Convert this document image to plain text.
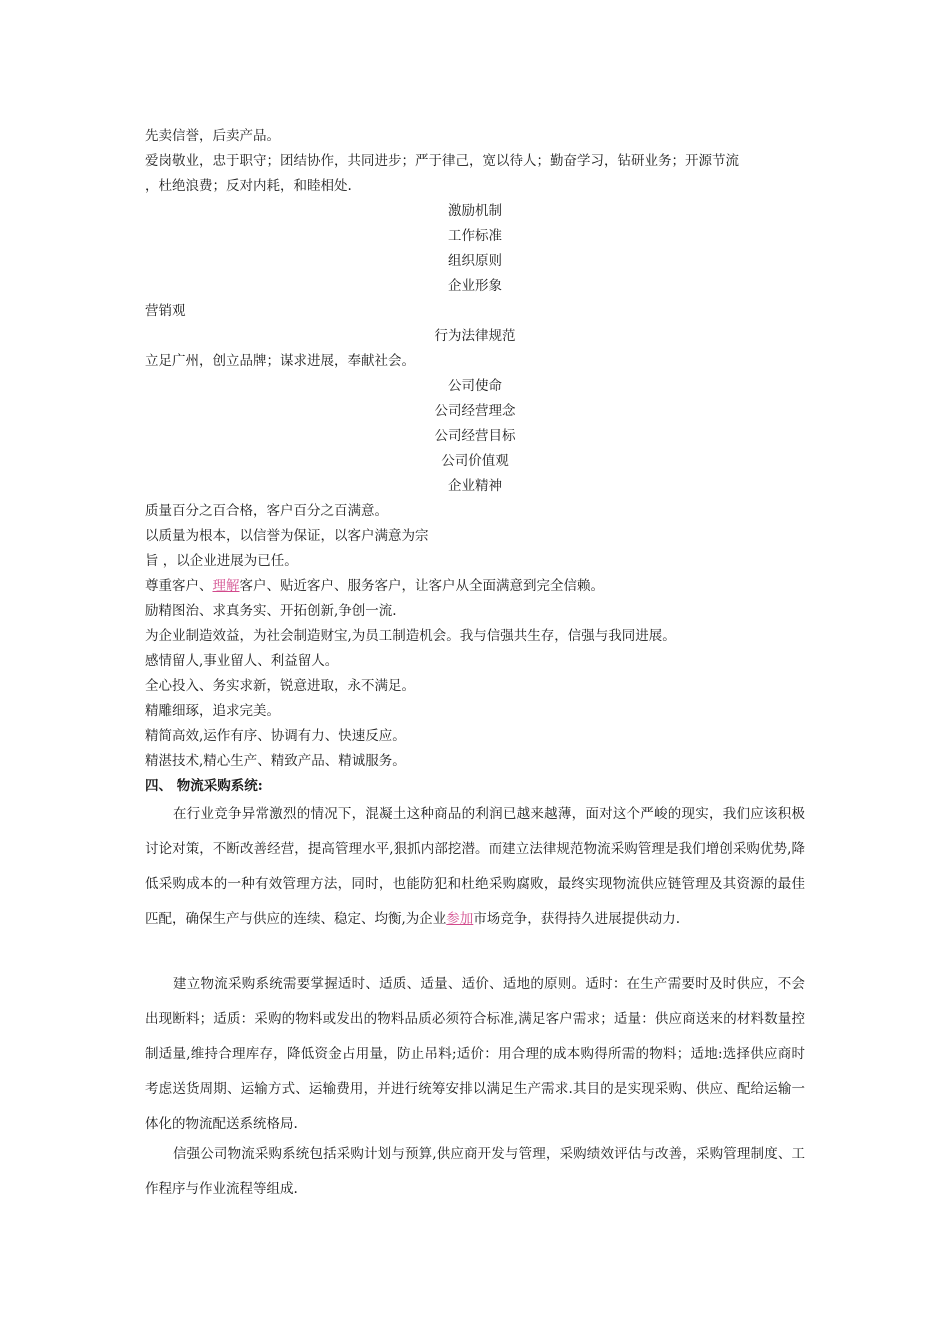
先卖信誉，后卖产品。
爱岗敬业，忠于职守；团结协作，共同进步；严于律己，宽以待人；勤奋学习，钻研业务；开源节流
，杜绝浪费；反对内耗，和睦相处.
激励机制
工作标准
组织原则
企业形象
营销观
行为法律规范
立足广州，创立品牌；谋求进展，奉献社会。
公司使命
公司经营理念
公司经营目标
公司价值观
企业精神
质量百分之百合格，客户百分之百满意。
以质量为根本，以信誉为保证，以客户满意为宗
旨 ，以企业进展为已任。
尊重客户、理解客户、贴近客户、服务客户，让客户从全面满意到完全信赖。
励精图治、求真务实、开拓创新,争创一流.
为企业制造效益，为社会制造财宝,为员工制造机会。我与信强共生存，信强与我同进展。
感情留人,事业留人、利益留人。
全心投入、务实求新，锐意进取，永不满足。
精雕细琢，追求完美。
精简高效,运作有序、协调有力、快速反应。
精湛技术,精心生产、精致产品、精诚服务。
四、 物流采购系统:
在行业竞争异常激烈的情况下，混凝土这种商品的利润已越来越薄，面对这个严峻的现实，我们应该积极讨论对策，不断改善经营，提高管理水平,狠抓内部挖潜。而建立法律规范物流采购管理是我们增创采购优势,降低采购成本的一种有效管理方法，同时，也能防犯和杜绝采购腐败，最终实现物流供应链管理及其资源的最佳匹配，确保生产与供应的连续、稳定、均衡,为企业参加市场竞争，获得持久进展提供动力.
建立物流采购系统需要掌握适时、适质、适量、适价、适地的原则。适时：在生产需要时及时供应，不会出现断料；适质：采购的物料或发出的物料品质必须符合标准,满足客户需求；适量：供应商送来的材料数量控制适量,维持合理库存，降低资金占用量，防止吊料;适价：用合理的成本购得所需的物料；适地:选择供应商时考虑送货周期、运输方式、运输费用，并进行统筹安排以满足生产需求.其目的是实现采购、供应、配给运输一体化的物流配送系统格局.
信强公司物流采购系统包括采购计划与预算,供应商开发与管理，采购绩效评估与改善，采购管理制度、工作程序与作业流程等组成.
